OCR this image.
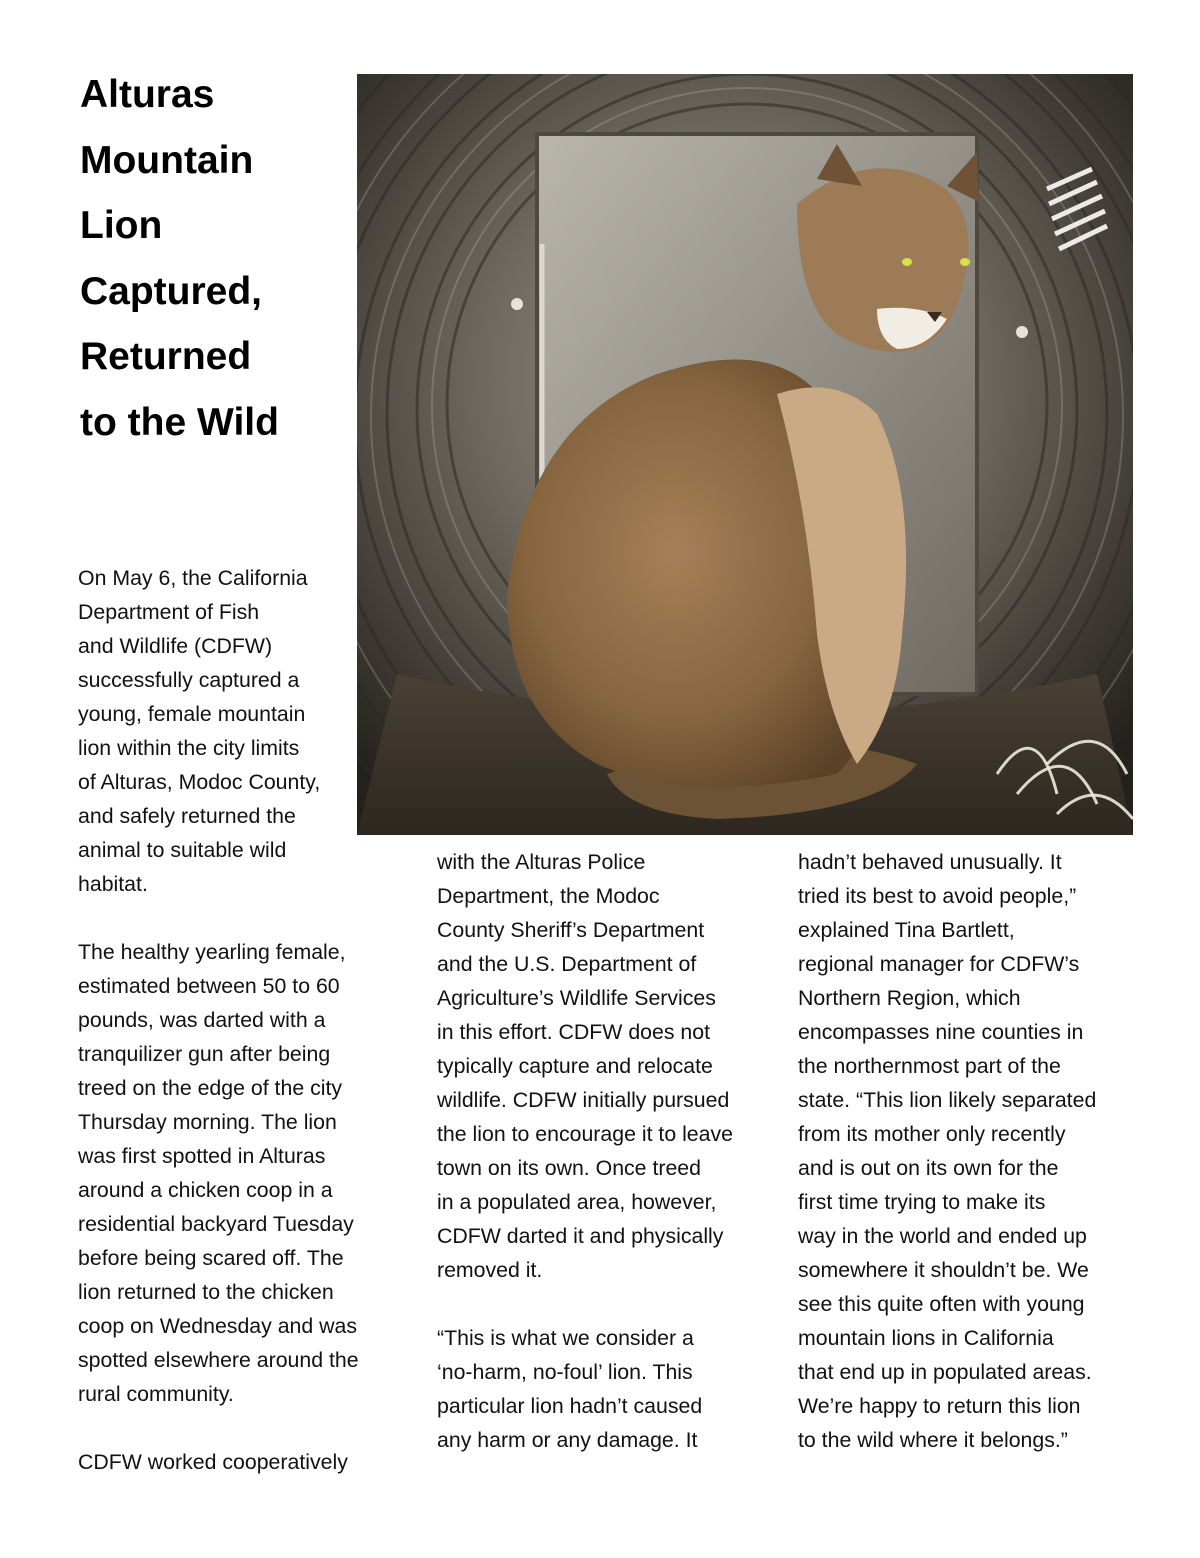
Alturas
Mountain
Lion
Captured,
Returned
to the Wild
On May 6, the California
Department of Fish
and Wildlife (CDFW)
successfully captured a
young, female mountain
lion within the city limits
of Alturas, Modoc County,
and safely returned the
animal to suitable wild
habitat.
The healthy yearling female,
estimated between 50 to 60
pounds, was darted with a
tranquilizer gun after being
treed on the edge of the city
Thursday morning. The lion
was first spotted in Alturas
around a chicken coop in a
residential backyard Tuesday
before being scared off. The
lion returned to the chicken
coop on Wednesday and was
spotted elsewhere around the
rural community.
CDFW worked cooperatively
with the Alturas Police
Department, the Modoc
County Sheriff’s Department
and the U.S. Department of
Agriculture’s Wildlife Services
in this effort. CDFW does not
typically capture and relocate
wildlife. CDFW initially pursued
the lion to encourage it to leave
town on its own. Once treed
in a populated area, however,
CDFW darted it and physically
removed it.
“This is what we consider a
‘no-harm, no-foul’ lion. This
particular lion hadn’t caused
any harm or any damage. It
hadn’t behaved unusually. It
tried its best to avoid people,”
explained Tina Bartlett,
regional manager for CDFW’s
Northern Region, which
encompasses nine counties in
the northernmost part of the
state. “This lion likely separated
from its mother only recently
and is out on its own for the
first time trying to make its
way in the world and ended up
somewhere it shouldn’t be. We
see this quite often with young
mountain lions in California
that end up in populated areas.
We’re happy to return this lion
to the wild where it belongs.”
